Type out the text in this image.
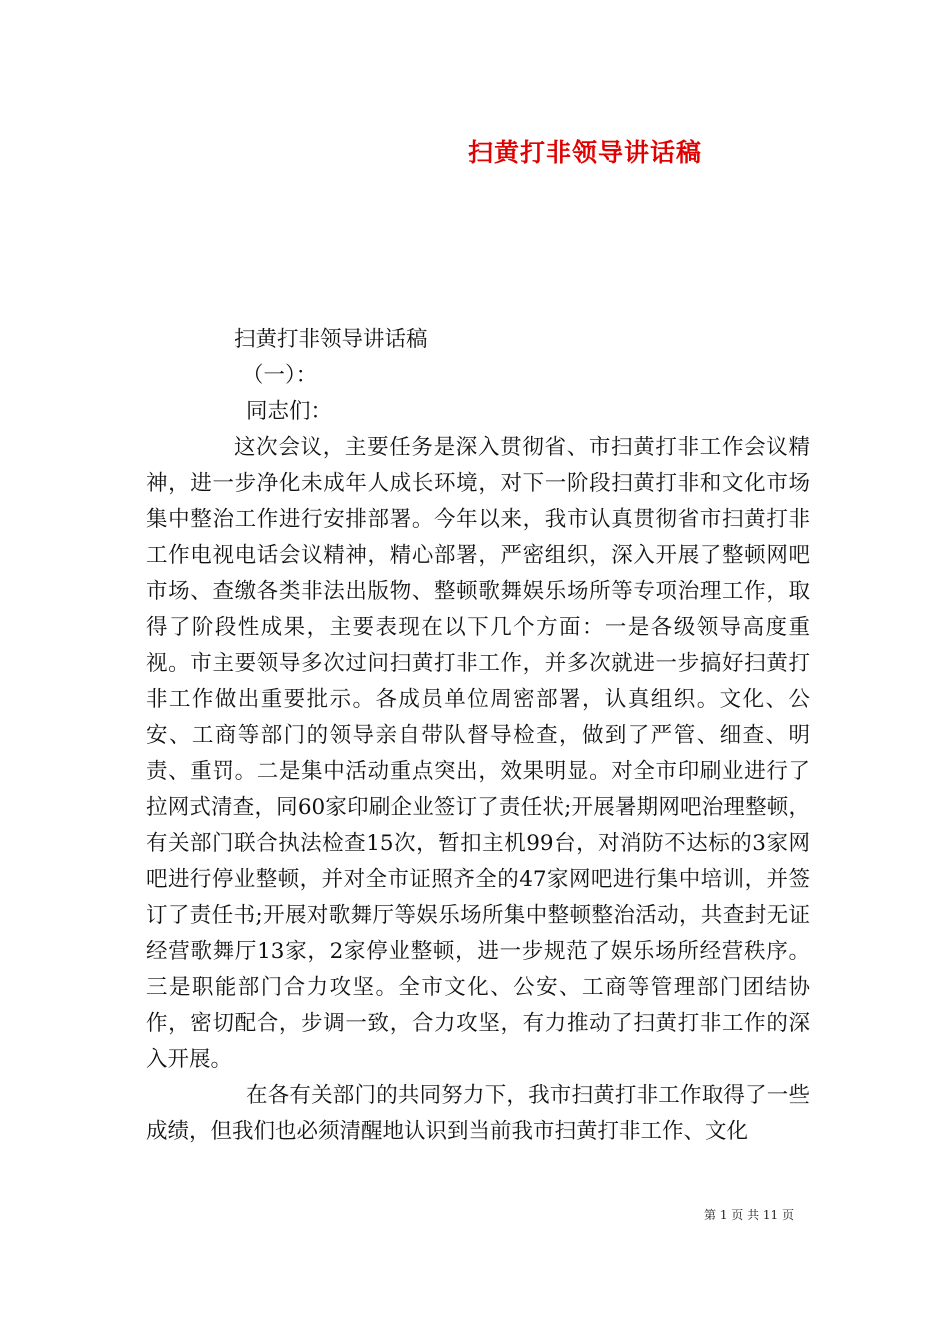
扫黄打非领导讲话稿

扫黄打非领导讲话稿

（一）：

同志们：

这次会议，主要任务是深入贯彻省、市扫黄打非工作会议精神，进一步净化未成年人成长环境，对下一阶段扫黄打非和文化市场集中整治工作进行安排部署。今年以来，我市认真贯彻省市扫黄打非工作电视电话会议精神，精心部署，严密组织，深入开展了整顿网吧市场、查缴各类非法出版物、整顿歌舞娱乐场所等专项治理工作，取得了阶段性成果，主要表现在以下几个方面：一是各级领导高度重视。市主要领导多次过问扫黄打非工作，并多次就进一步搞好扫黄打非工作做出重要批示。各成员单位周密部署，认真组织。文化、公安、工商等部门的领导亲自带队督导检查，做到了严管、细查、明责、重罚。二是集中活动重点突出，效果明显。对全市印刷业进行了拉网式清查，同60家印刷企业签订了责任状;开展暑期网吧治理整顿，有关部门联合执法检查15次，暂扣主机99台，对消防不达标的3家网吧进行停业整顿，并对全市证照齐全的47家网吧进行集中培训，并签订了责任书;开展对歌舞厅等娱乐场所集中整顿整治活动，共查封无证经营歌舞厅13家，2家停业整顿，进一步规范了娱乐场所经营秩序。三是职能部门合力攻坚。全市文化、公安、工商等管理部门团结协作，密切配合，步调一致，合力攻坚，有力推动了扫黄打非工作的深入开展。

在各有关部门的共同努力下，我市扫黄打非工作取得了一些成绩，但我们也必须清醒地认识到当前我市扫黄打非工作、文化

第 1 页 共 11 页
